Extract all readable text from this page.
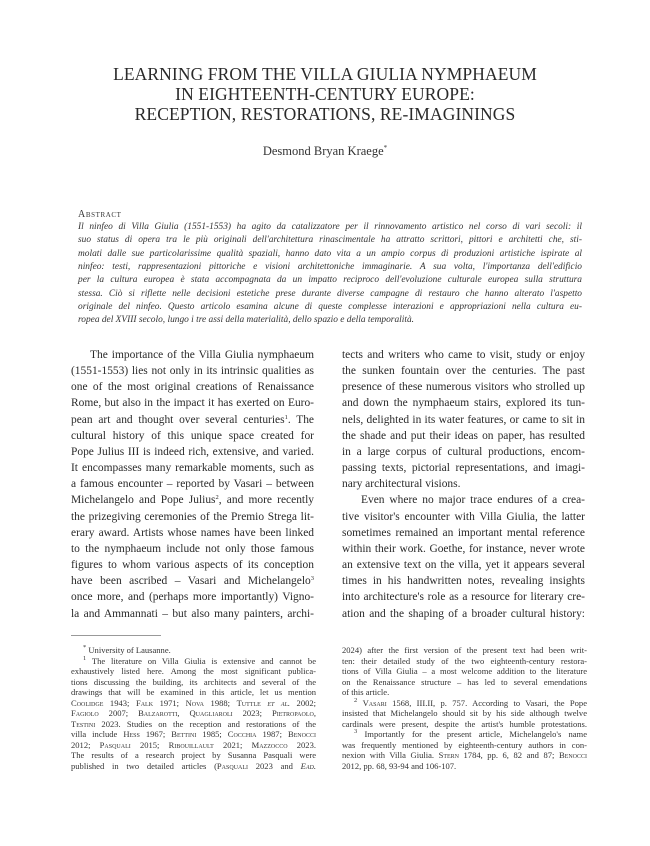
LEARNING FROM THE VILLA GIULIA NYMPHAEUM
IN EIGHTEENTH-CENTURY EUROPE:
RECEPTION, RESTORATIONS, RE-IMAGININGS
Desmond Bryan Kraege*
Abstract
Il ninfeo di Villa Giulia (1551-1553) ha agito da catalizzatore per il rinnovamento artistico nel corso di vari secoli: il
suo status di opera tra le più originali dell'architettura rinascimentale ha attratto scrittori, pittori e architetti che, sti-
molati dalle sue particolarissime qualità spaziali, hanno dato vita a un ampio corpus di produzioni artistiche ispirate al
ninfeo: testi, rappresentazioni pittoriche e visioni architettoniche immaginarie. A sua volta, l'importanza dell'edificio
per la cultura europea è stata accompagnata da un impatto reciproco dell'evoluzione culturale europea sulla struttura
stessa. Ciò si riflette nelle decisioni estetiche prese durante diverse campagne di restauro che hanno alterato l'aspetto
originale del ninfeo. Questo articolo esamina alcune di queste complesse interazioni e appropriazioni nella cultura eu-
ropea del XVIII secolo, lungo i tre assi della materialità, dello spazio e della temporalità.
The importance of the Villa Giulia nymphaeum
(1551-1553) lies not only in its intrinsic qualities as
one of the most original creations of Renaissance
Rome, but also in the impact it has exerted on Euro-
pean art and thought over several centuries$^1$. The
cultural history of this unique space created for
Pope Julius III is indeed rich, extensive, and varied.
It encompasses many remarkable moments, such as
a famous encounter – reported by Vasari – between
Michelangelo and Pope Julius$^2$, and more recently
the prizegiving ceremonies of the Premio Strega lit-
erary award. Artists whose names have been linked
to the nymphaeum include not only those famous
figures to whom various aspects of its conception
have been ascribed – Vasari and Michelangelo$^3$
once more, and (perhaps more importantly) Vigno-
la and Ammannati – but also many painters, archi-
tects and writers who came to visit, study or enjoy
the sunken fountain over the centuries. The past
presence of these numerous visitors who strolled up
and down the nymphaeum stairs, explored its tun-
nels, delighted in its water features, or came to sit in
the shade and put their ideas on paper, has resulted
in a large corpus of cultural productions, encom-
passing texts, pictorial representations, and imagi-
nary architectural visions.
Even where no major trace endures of a crea-
tive visitor's encounter with Villa Giulia, the latter
sometimes remained an important mental reference
within their work. Goethe, for instance, never wrote
an extensive text on the villa, yet it appears several
times in his handwritten notes, revealing insights
into architecture's role as a resource for literary cre-
ation and the shaping of a broader cultural history:
* University of Lausanne.
$^1$ The literature on Villa Giulia is extensive and cannot be
exhaustively listed here. Among the most significant publica-
tions discussing the building, its architects and several of the
drawings that will be examined in this article, let us mention
Coolidge 1943; Falk 1971; Nova 1988; Tuttle et al. 2002;
Fagiolo 2007; Balzarotti, Quagliaroli 2023; Pietropaolo,
Testini 2023. Studies on the reception and restorations of the
villa include Hess 1967; Bettini 1985; Cocchia 1987; Benocci
2012; Pasquali 2015; Ribouillault 2021; Mazzocco 2023.
The results of a research project by Susanna Pasquali were
published in two detailed articles (Pasquali 2023 and Ead.
2024) after the first version of the present text had been writ-
ten: their detailed study of the two eighteenth-century restora-
tions of Villa Giulia – a most welcome addition to the literature
on the Renaissance structure – has led to several emendations
of this article.
$^2$ Vasari 1568, III.II, p. 757. According to Vasari, the Pope
insisted that Michelangelo should sit by his side although twelve
cardinals were present, despite the artist's humble protestations.
$^3$ Importantly for the present article, Michelangelo's name
was frequently mentioned by eighteenth-century authors in con-
nexion with Villa Giulia. Stern 1784, pp. 6, 82 and 87; Benocci
2012, pp. 68, 93-94 and 106-107.
